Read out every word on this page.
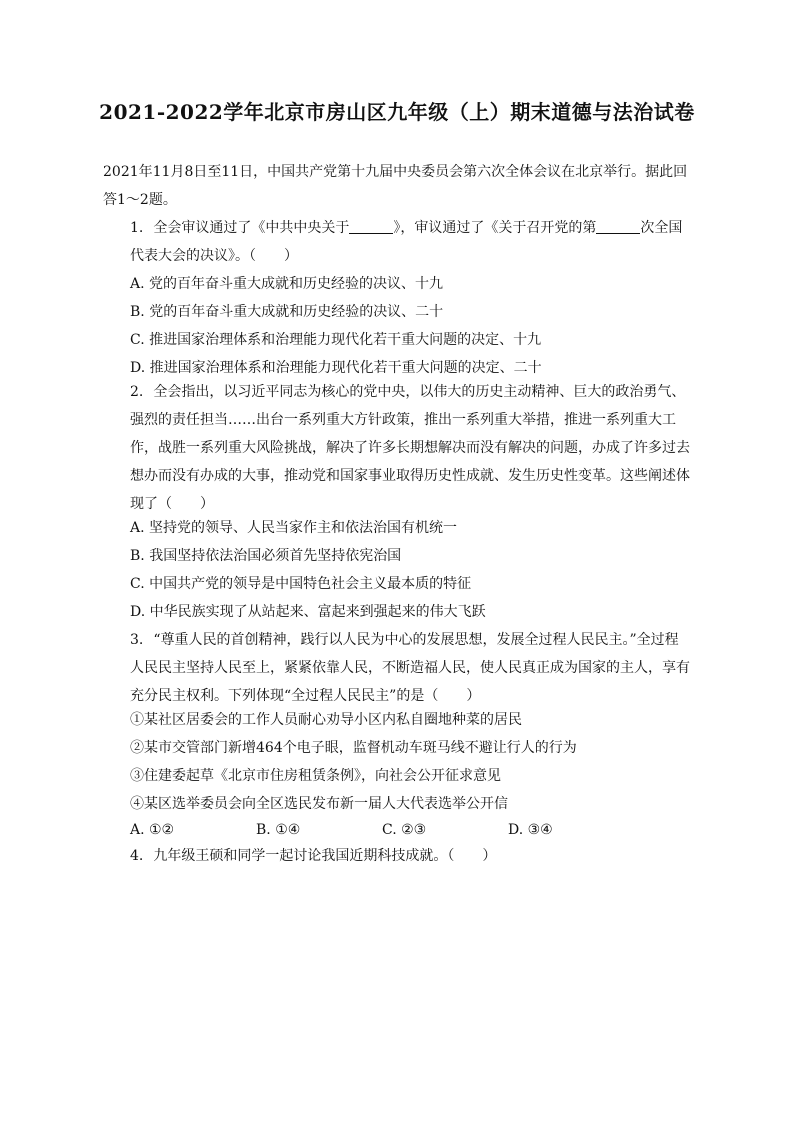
2021-2022学年北京市房山区九年级（上）期末道德与法治试卷
2021年11月8日至11日，中国共产党第十九届中央委员会第六次全体会议在北京举行。据此回答1～2题。
1. 全会审议通过了《中共中央关于	》，审议通过了《关于召开党的第	次全国代表大会的决议》。（　　）
A. 党的百年奋斗重大成就和历史经验的决议、十九
B. 党的百年奋斗重大成就和历史经验的决议、二十
C. 推进国家治理体系和治理能力现代化若干重大问题的决定、十九
D. 推进国家治理体系和治理能力现代化若干重大问题的决定、二十
2. 全会指出，以习近平同志为核心的党中央，以伟大的历史主动精神、巨大的政治勇气、强烈的责任担当……出台一系列重大方针政策，推出一系列重大举措，推进一系列重大工作，战胜一系列重大风险挑战，解决了许多长期想解决而没有解决的问题，办成了许多过去想办而没有办成的大事，推动党和国家事业取得历史性成就、发生历史性变革。这些阐述体现了（　　）
A. 坚持党的领导、人民当家作主和依法治国有机统一
B. 我国坚持依法治国必须首先坚持依宪治国
C. 中国共产党的领导是中国特色社会主义最本质的特征
D. 中华民族实现了从站起来、富起来到强起来的伟大飞跃
3. “尊重人民的首创精神，践行以人民为中心的发展思想，发展全过程人民民主。”全过程人民民主坚持人民至上，紧紧依靠人民，不断造福人民，使人民真正成为国家的主人，享有充分民主权利。下列体现“全过程人民民主”的是（　　）
①某社区居委会的工作人员耐心劝导小区内私自圈地种菜的居民
②某市交管部门新增464个电子眼，监督机动车斑马线不避让行人的行为
③住建委起草《北京市住房租赁条例》，向社会公开征求意见
④某区选举委员会向全区选民发布新一届人大代表选举公开信
A. ①②	B. ①④	C. ②③	D. ③④
4. 九年级王硕和同学一起讨论我国近期科技成就。（　　）
